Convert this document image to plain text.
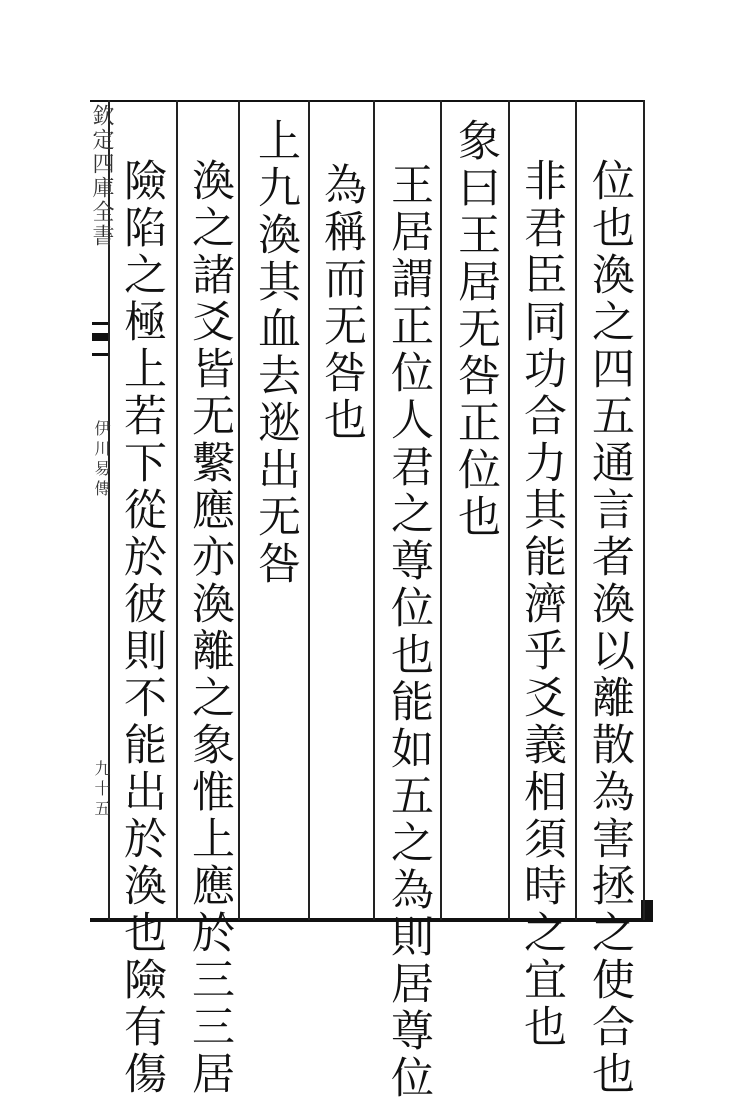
欽定四庫全書
伊川易傳
九十五	位也渙之四五通言者渙以離散為害拯之使合也
非君臣同功合力其能濟乎爻義相須時之宜也
象曰王居无咎正位也
王居謂正位人君之尊位也能如五之為則居尊位
為稱而无咎也
上九渙其血去逖出无咎
渙之諸爻皆无繫應亦渙離之象惟上應於三三居
險陷之極上若下從於彼則不能出於渙也險有傷
